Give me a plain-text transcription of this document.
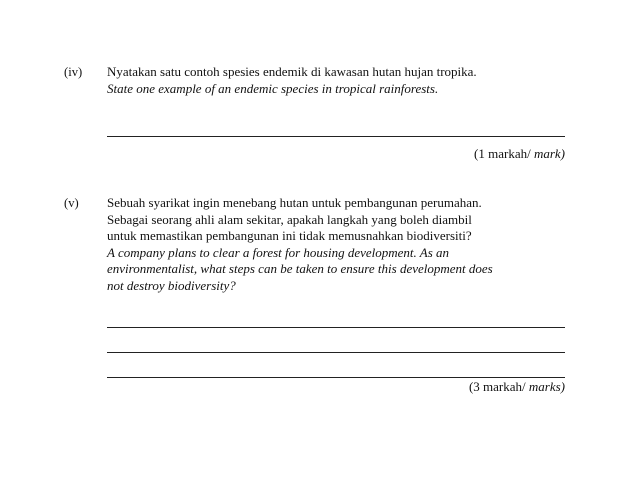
(iv) Nyatakan satu contoh spesies endemik di kawasan hutan hujan tropika.
State one example of an endemic species in tropical rainforests.
(1 markah/ mark)
(v) Sebuah syarikat ingin menebang hutan untuk pembangunan perumahan.
Sebagai seorang ahli alam sekitar, apakah langkah yang boleh diambil
untuk memastikan pembangunan ini tidak memusnahkan biodiversiti?
A company plans to clear a forest for housing development. As an
environmentalist, what steps can be taken to ensure this development does
not destroy biodiversity?
(3 markah/ marks)
